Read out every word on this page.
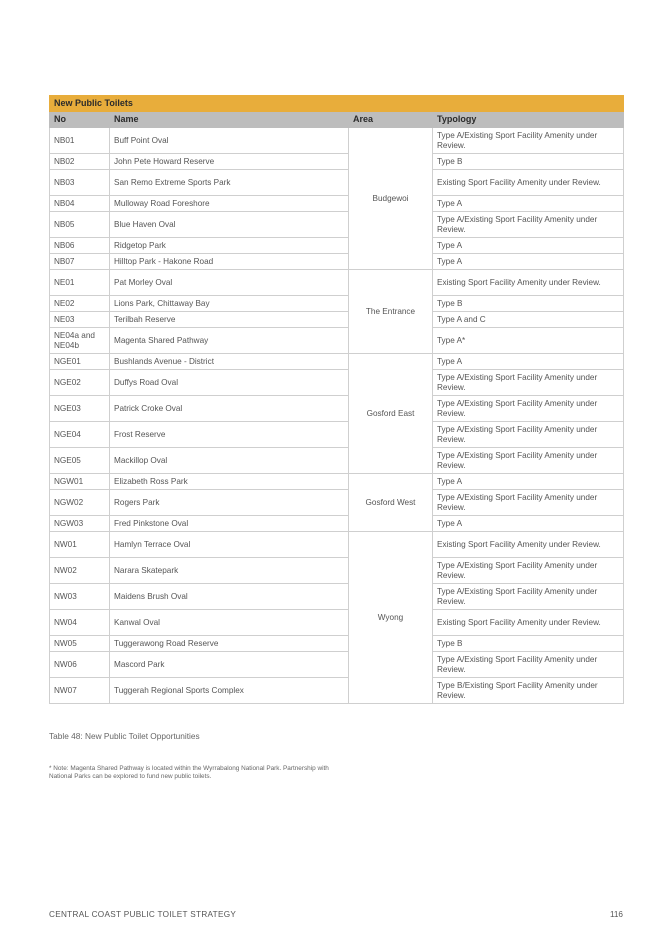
New Public Toilets			
No	Name	Area	Typology
NB01	Buff Point Oval	Budgewoi	Type A/Existing Sport Facility Amenity under Review.
NB02	John Pete Howard Reserve		Type B
NB03	San Remo Extreme Sports Park		Existing Sport Facility Amenity under Review.
NB04	Mulloway Road Foreshore		Type A
NB05	Blue Haven Oval		Type A/Existing Sport Facility Amenity under Review.
NB06	Ridgetop Park		Type A
NB07	Hilltop Park - Hakone Road		Type A
NE01	Pat Morley Oval	The Entrance	Existing Sport Facility Amenity under Review.
NE02	Lions Park, Chittaway Bay		Type B
NE03	Terilbah Reserve		Type A and C
NE04a and NE04b	Magenta Shared Pathway		Type A*
NGE01	Bushlands Avenue - District	Gosford East	Type A
NGE02	Duffys Road Oval		Type A/Existing Sport Facility Amenity under Review.
NGE03	Patrick Croke Oval		Type A/Existing Sport Facility Amenity under Review.
NGE04	Frost Reserve		Type A/Existing Sport Facility Amenity under Review.
NGE05	Mackillop Oval		Type A/Existing Sport Facility Amenity under Review.
NGW01	Elizabeth Ross Park	Gosford West	Type A
NGW02	Rogers Park		Type A/Existing Sport Facility Amenity under Review.
NGW03	Fred Pinkstone Oval		Type A
NW01	Hamlyn Terrace Oval	Wyong	Existing Sport Facility Amenity under Review.
NW02	Narara Skatepark		Type A/Existing Sport Facility Amenity under Review.
NW03	Maidens Brush Oval		Type A/Existing Sport Facility Amenity under Review.
NW04	Kanwal Oval		Existing Sport Facility Amenity under Review.
NW05	Tuggerawong Road Reserve		Type B
NW06	Mascord Park		Type A/Existing Sport Facility Amenity under Review.
NW07	Tuggerah Regional Sports Complex		Type B/Existing Sport Facility Amenity under Review.
Table 48: New Public Toilet Opportunities
* Note: Magenta Shared Pathway is located within the Wyrrabalong National Park. Partnership with National Parks can be explored to fund new public toilets.
CENTRAL COAST PUBLIC TOILET STRATEGY	116
